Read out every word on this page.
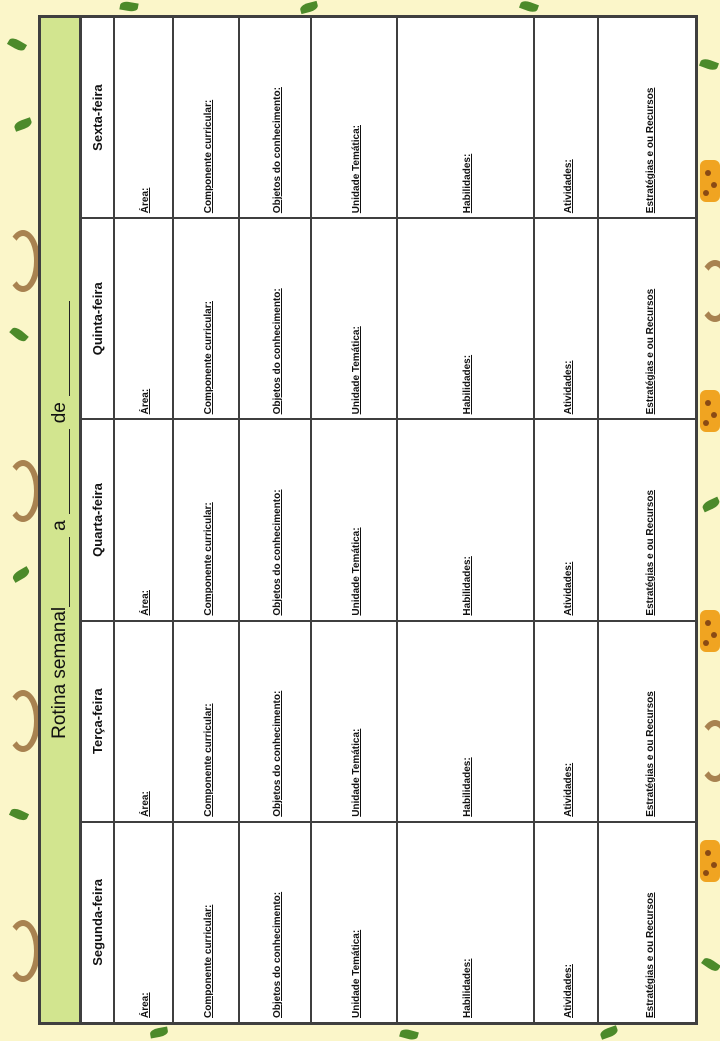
Rotina semanal
a
de
Segunda-feira
Área:	Componente curricular:	Objetos do conhecimento:	Unidade Temática:	Habilidades:	Atividades:	Estratégias e ou Recursos
Terça-feira
Área:	Componente curricular:	Objetos do conhecimento:	Unidade Temática:	Habilidades:	Atividades:	Estratégias e ou Recursos
Quarta-feira
Área:	Componente curricular:	Objetos do conhecimento:	Unidade Temática:	Habilidades:	Atividades:	Estratégias e ou Recursos
Quinta-feira
Área:	Componente curricular:	Objetos do conhecimento:	Unidade Temática:	Habilidades:	Atividades:	Estratégias e ou Recursos
Sexta-feira
Área:	Componente curricular:	Objetos do conhecimento:	Unidade Temática:	Habilidades:	Atividades:	Estratégias e ou Recursos
